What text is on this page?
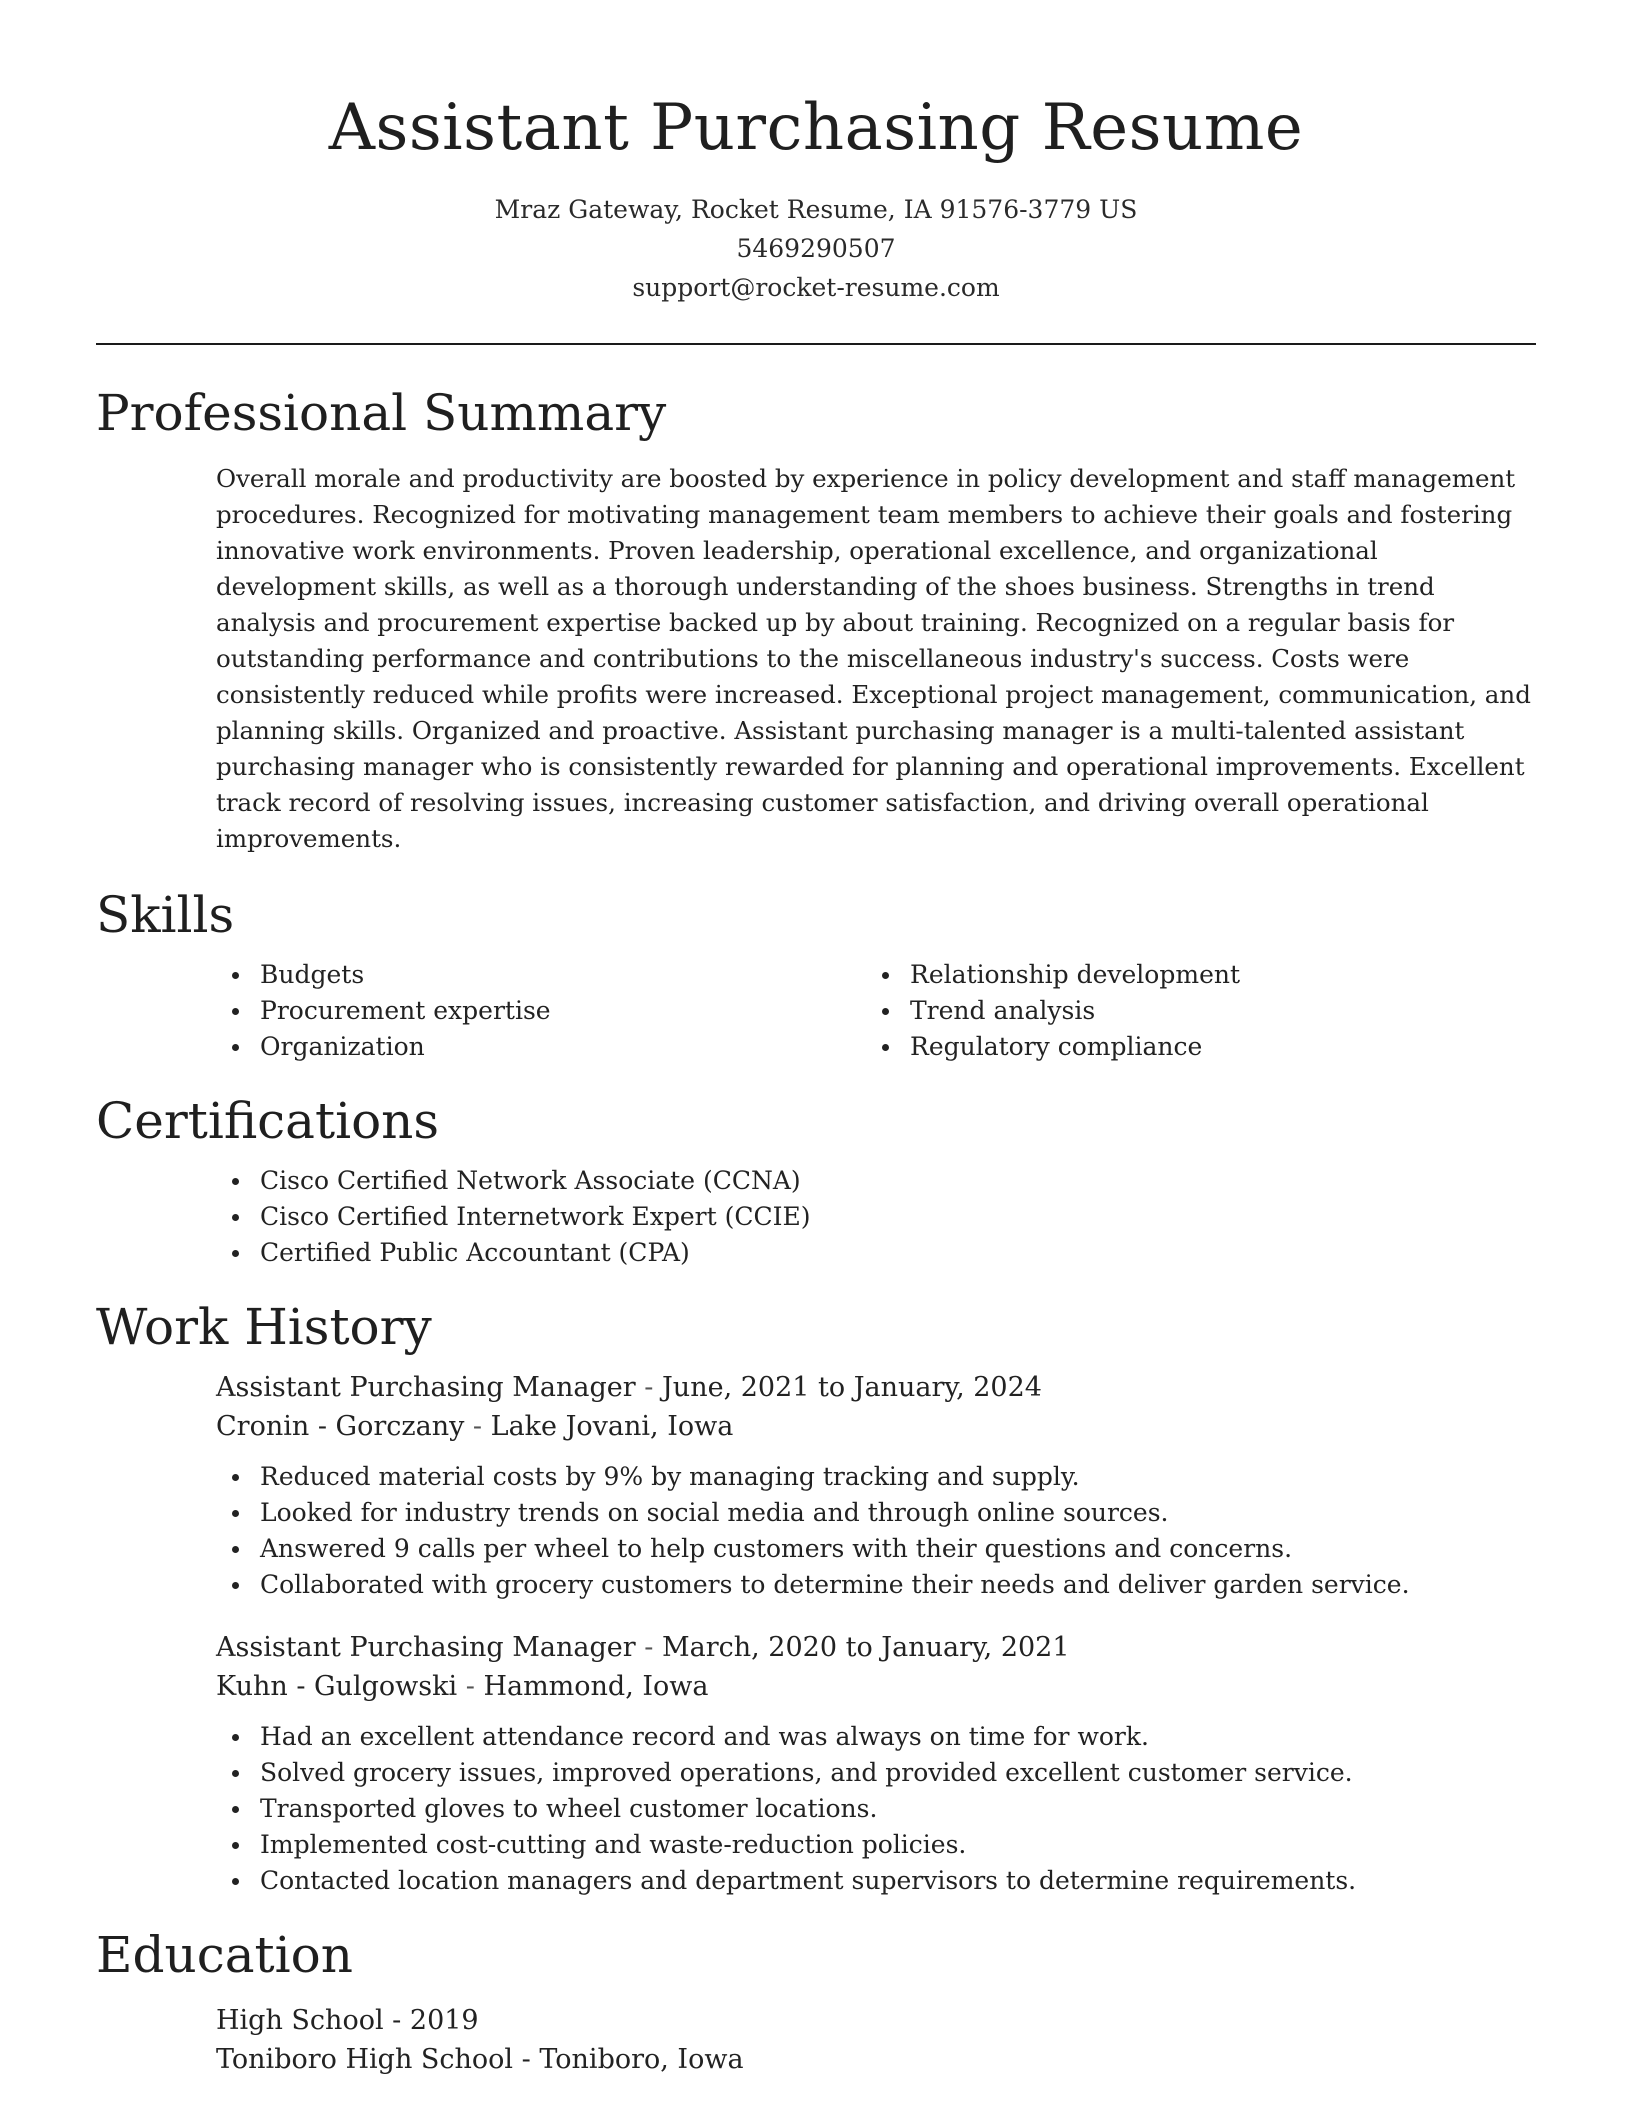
Assistant Purchasing Resume
Mraz Gateway, Rocket Resume, IA 91576-3779 US
5469290507
support@rocket-resume.com
Professional Summary

Overall morale and productivity are boosted by experience in policy development and staff management procedures. Recognized for motivating management team members to achieve their goals and fostering innovative work environments. Proven leadership, operational excellence, and organizational development skills, as well as a thorough understanding of the shoes business. Strengths in trend analysis and procurement expertise backed up by about training. Recognized on a regular basis for outstanding performance and contributions to the miscellaneous industry's success. Costs were consistently reduced while profits were increased. Exceptional project management, communication, and planning skills. Organized and proactive. Assistant purchasing manager is a multi-talented assistant purchasing manager who is consistently rewarded for planning and operational improvements. Excellent track record of resolving issues, increasing customer satisfaction, and driving overall operational improvements.

Skills
Budgets
Procurement expertise
Organization
Relationship development
Trend analysis
Regulatory compliance
Certifications
Cisco Certified Network Associate (CCNA)
Cisco Certified Internetwork Expert (CCIE)
Certified Public Accountant (CPA)
Work History
Assistant Purchasing Manager - June, 2021 to January, 2024
Cronin - Gorczany - Lake Jovani, Iowa
Reduced material costs by 9% by managing tracking and supply.
Looked for industry trends on social media and through online sources.
Answered 9 calls per wheel to help customers with their questions and concerns.
Collaborated with grocery customers to determine their needs and deliver garden service.
Assistant Purchasing Manager - March, 2020 to January, 2021
Kuhn - Gulgowski - Hammond, Iowa
Had an excellent attendance record and was always on time for work.
Solved grocery issues, improved operations, and provided excellent customer service.
Transported gloves to wheel customer locations.
Implemented cost-cutting and waste-reduction policies.
Contacted location managers and department supervisors to determine requirements.
Education
High School - 2019
Toniboro High School - Toniboro, Iowa
